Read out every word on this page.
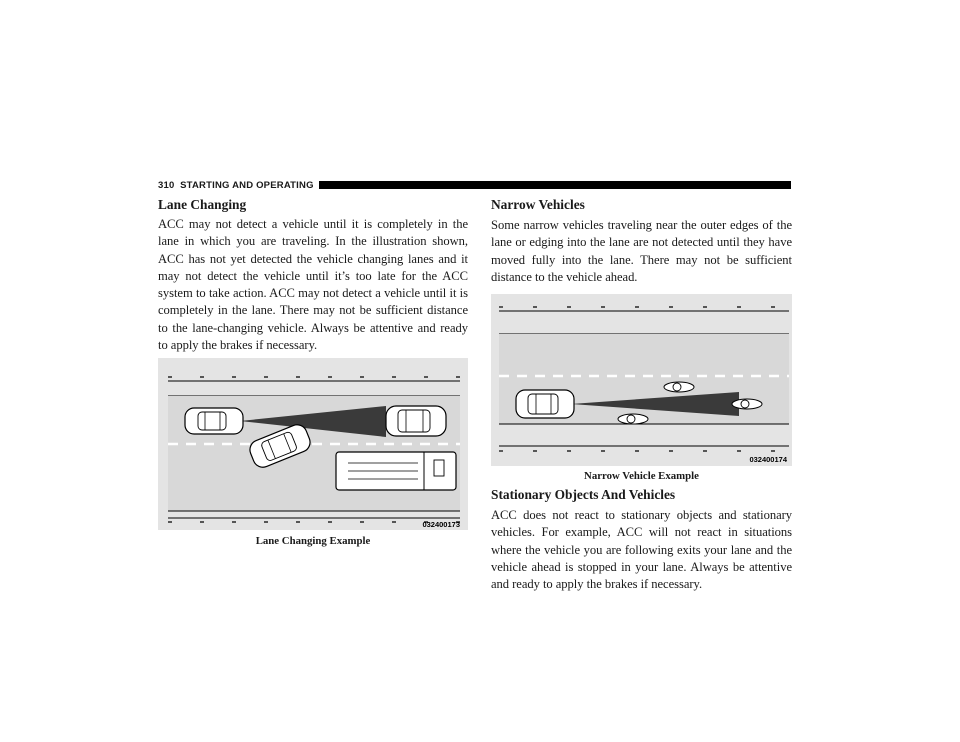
310 STARTING AND OPERATING
Lane Changing

ACC may not detect a vehicle until it is completely in the lane in which you are traveling. In the illustration shown, ACC has not yet detected the vehicle changing lanes and it may not detect the vehicle until it’s too late for the ACC system to take action. ACC may not detect a vehicle until it is completely in the lane. There may not be sufficient distance to the lane-changing vehicle. Always be attentive and ready to apply the brakes if necessary.

032400173
Lane Changing Example
Narrow Vehicles

Some narrow vehicles traveling near the outer edges of the lane or edging into the lane are not detected until they have moved fully into the lane. There may not be sufficient distance to the vehicle ahead.

032400174
Narrow Vehicle Example
Stationary Objects And Vehicles

ACC does not react to stationary objects and stationary vehicles. For example, ACC will not react in situations where the vehicle you are following exits your lane and the vehicle ahead is stopped in your lane. Always be attentive and ready to apply the brakes if necessary.
